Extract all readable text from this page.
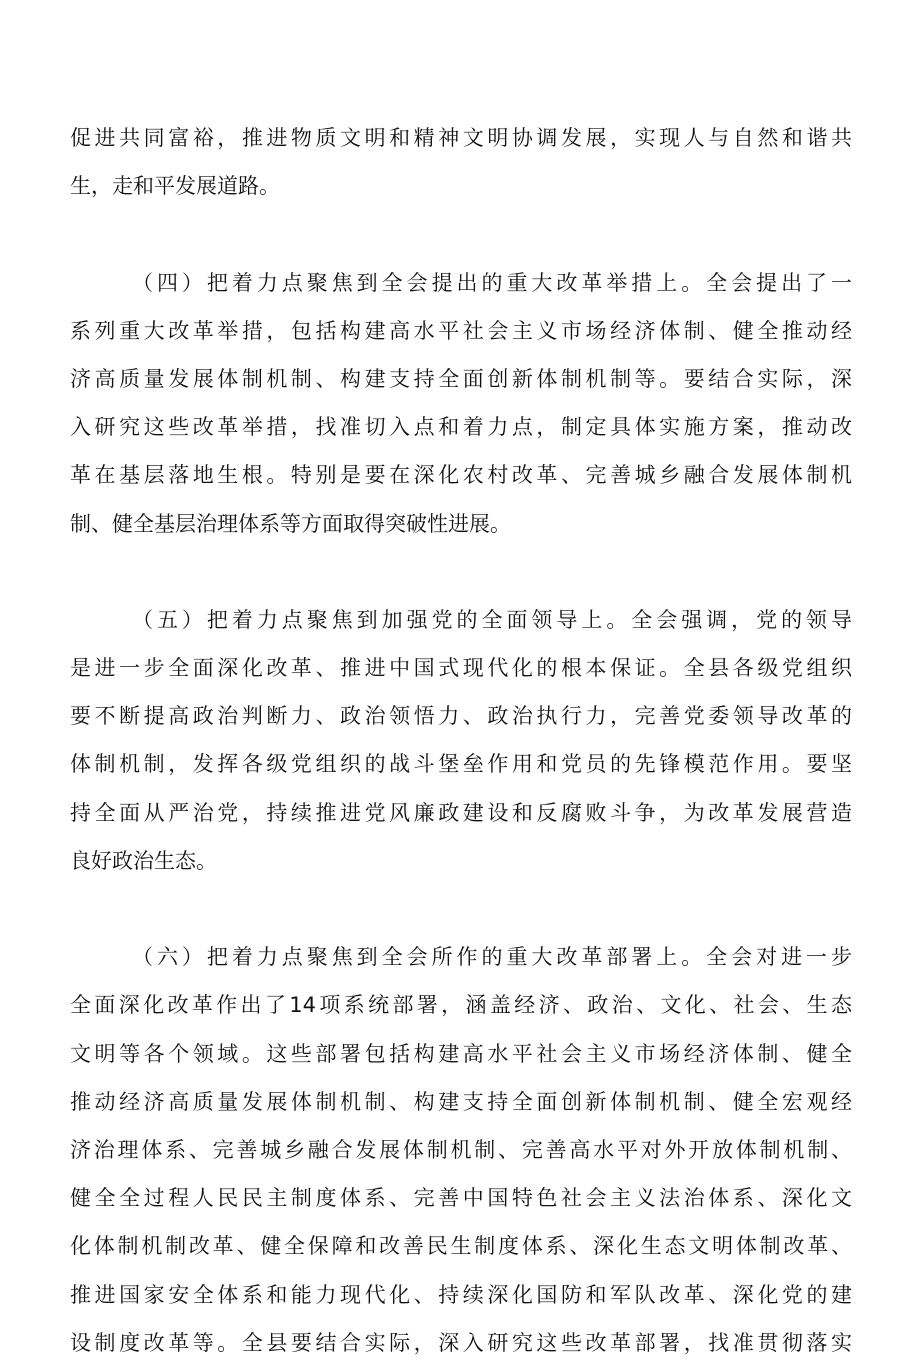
促进共同富裕，推进物质文明和精神文明协调发展，实现人与自然和谐共
生，走和平发展道路。
（四）把着力点聚焦到全会提出的重大改革举措上。全会提出了一
系列重大改革举措，包括构建高水平社会主义市场经济体制、健全推动经
济高质量发展体制机制、构建支持全面创新体制机制等。要结合实际，深
入研究这些改革举措，找准切入点和着力点，制定具体实施方案，推动改
革在基层落地生根。特别是要在深化农村改革、完善城乡融合发展体制机
制、健全基层治理体系等方面取得突破性进展。
（五）把着力点聚焦到加强党的全面领导上。全会强调，党的领导
是进一步全面深化改革、推进中国式现代化的根本保证。全县各级党组织
要不断提高政治判断力、政治领悟力、政治执行力，完善党委领导改革的
体制机制，发挥各级党组织的战斗堡垒作用和党员的先锋模范作用。要坚
持全面从严治党，持续推进党风廉政建设和反腐败斗争，为改革发展营造
良好政治生态。
（六）把着力点聚焦到全会所作的重大改革部署上。全会对进一步
全面深化改革作出了14项系统部署，涵盖经济、政治、文化、社会、生态
文明等各个领域。这些部署包括构建高水平社会主义市场经济体制、健全
推动经济高质量发展体制机制、构建支持全面创新体制机制、健全宏观经
济治理体系、完善城乡融合发展体制机制、完善高水平对外开放体制机制、
健全全过程人民民主制度体系、完善中国特色社会主义法治体系、深化文
化体制机制改革、健全保障和改善民生制度体系、深化生态文明体制改革、
推进国家安全体系和能力现代化、持续深化国防和军队改革、深化党的建
设制度改革等。全县要结合实际，深入研究这些改革部署，找准贯彻落实
